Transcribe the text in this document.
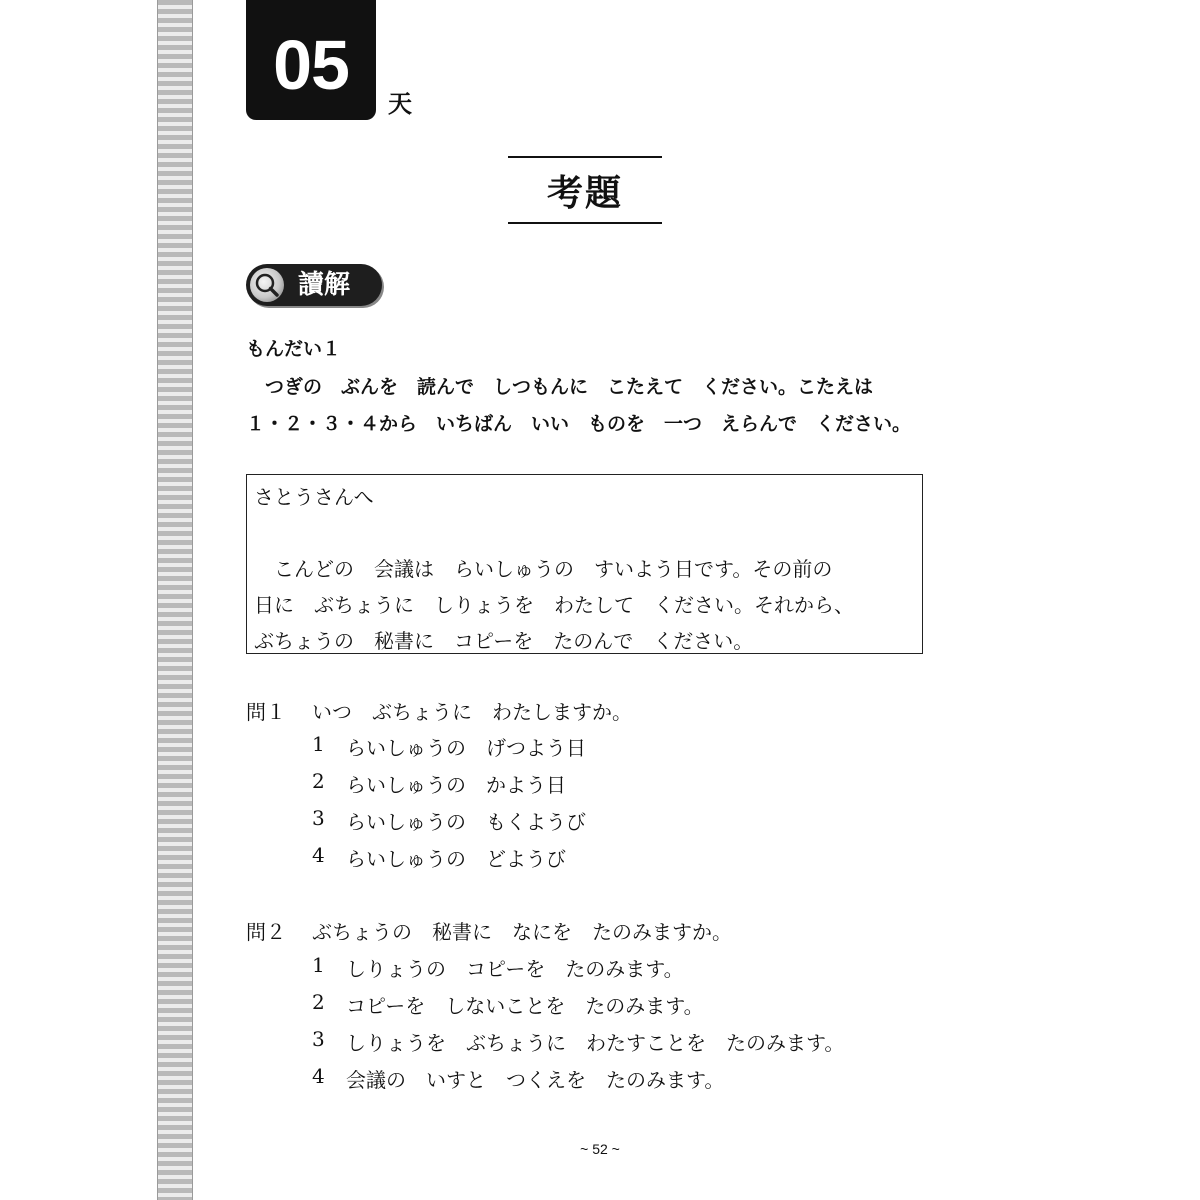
05 天
考題
讀解
もんだい１
　つぎの　ぶんを　読んで　しつもんに　こたえて　ください。こたえは
１・２・３・４から　いちばん　いい　ものを　一つ　えらんで　ください。
さとうさんへ
　こんどの　会議は　らいしゅうの　すいよう日です。その前の
日に　ぶちょうに　しりょうを　わたして　ください。それから、
ぶちょうの　秘書に　コピーを　たのんで　ください。
問１ いつ　ぶちょうに　わたしますか。
1 らいしゅうの　げつよう日
2 らいしゅうの　かよう日
3 らいしゅうの　もくようび
4 らいしゅうの　どようび
問２ ぶちょうの　秘書に　なにを　たのみますか。
1 しりょうの　コピーを　たのみます。
2 コピーを　しないことを　たのみます。
3 しりょうを　ぶちょうに　わたすことを　たのみます。
4 会議の　いすと　つくえを　たのみます。
~ 52 ~
